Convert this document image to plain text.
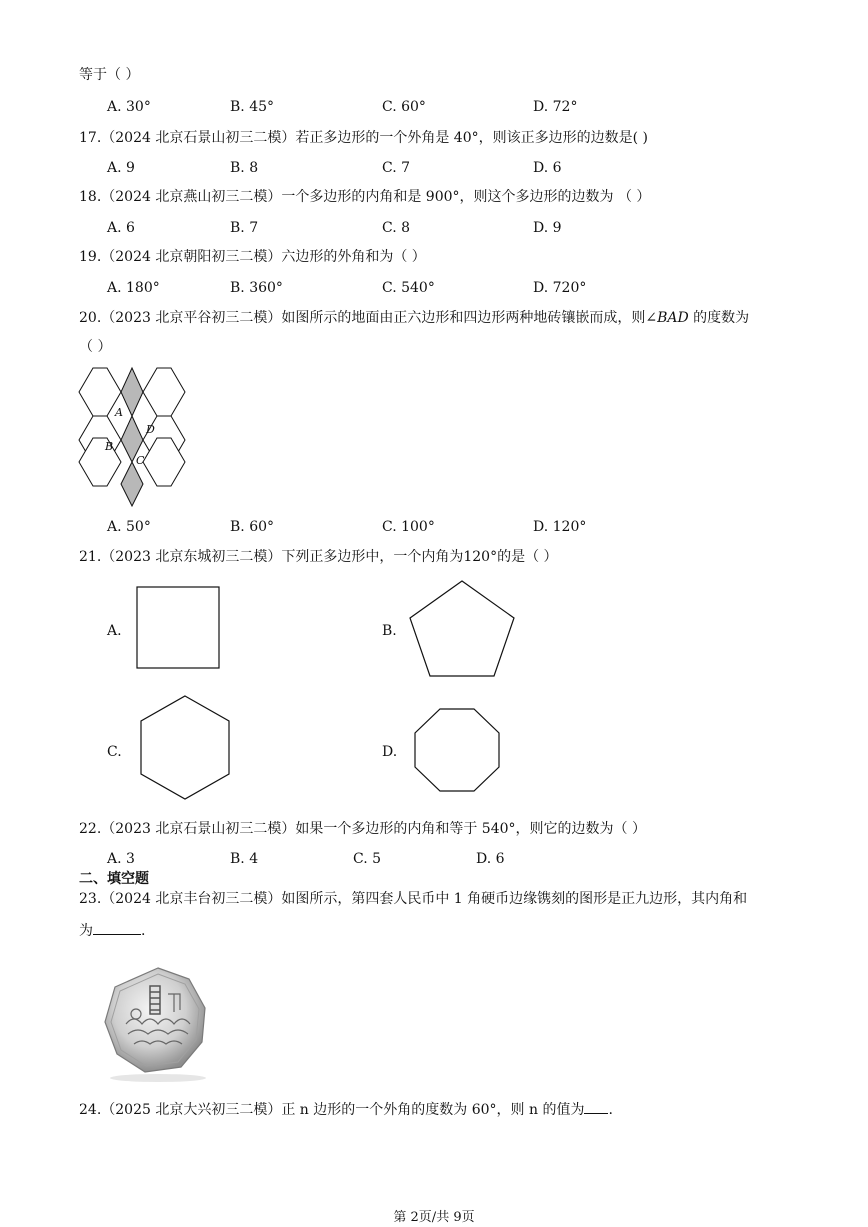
等于（ ）
A. 30°	B. 45°	C. 60°	D. 72°
17.（2024 北京石景山初三二模）若正多边形的一个外角是 40°，则该正多边形的边数是( )
A. 9	B. 8	C. 7	D. 6
18.（2024 北京燕山初三二模）一个多边形的内角和是 900°，则这个多边形的边数为 （ ）
A. 6	B. 7	C. 8	D. 9
19.（2024 北京朝阳初三二模）六边形的外角和为（ ）
A. 180°	B. 360°	C. 540°	D. 720°
20.（2023 北京平谷初三二模）如图所示的地面由正六边形和四边形两种地砖镶嵌而成，则∠BAD 的度数为
（ ）
A
D
B
C
A. 50°	B. 60°	C. 100°	D. 120°
21.（2023 北京东城初三二模）下列正多边形中，一个内角为120°的是（ ）
A.	B.
C.	D.
22.（2023 北京石景山初三二模）如果一个多边形的内角和等于 540°，则它的边数为（ ）
A. 3	B. 4	C. 5	D. 6
二、填空题
23.（2024 北京丰台初三二模）如图所示，第四套人民币中 1 角硬币边缘镌刻的图形是正九边形，其内角和
为	.
24.（2025 北京大兴初三二模）正 n 边形的一个外角的度数为 60°，则 n 的值为 .
第 2页/共 9页
